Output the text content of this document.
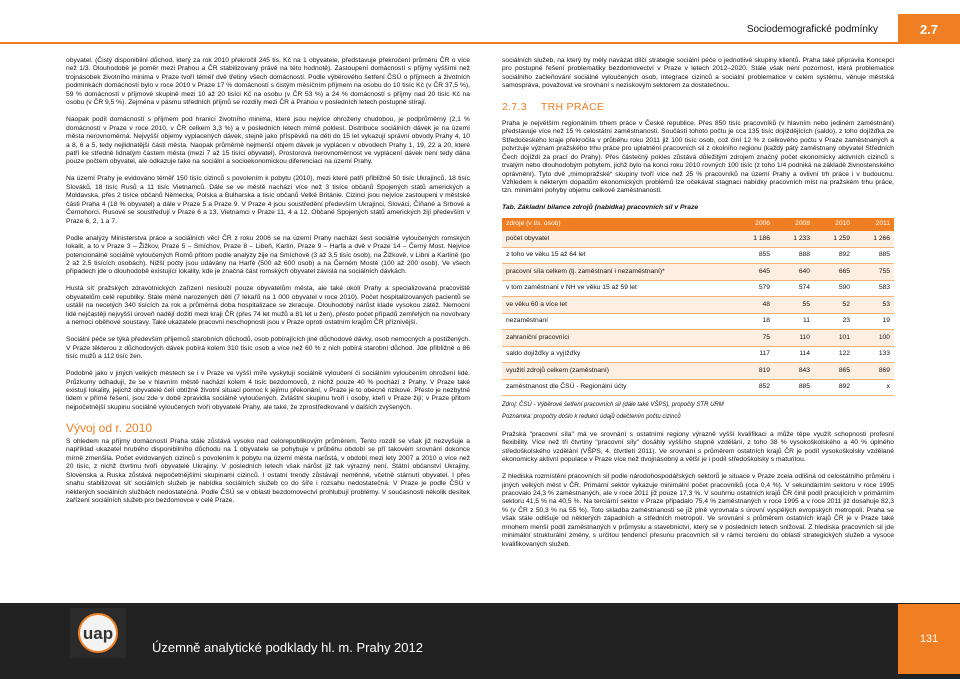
Sociodemografické podmínky	2.7

obyvatel. (Čistý disponibilní důchod, který za rok 2010 překročil 245 tis. Kč na 1 obyvatele, představuje překročení průměru ČR o více než 1/3. Dlouhodobě je poměr mezi Prahou a ČR stabilizovaný právě na této hodnotě). Zastoupení domácností s příjmy vyššími než trojnásobek životního minima v Praze tvoří téměř dvě třetiny všech domácností. Podle výběrového šetření ČSÚ o příjmech a životních podmínkách domácností bylo v roce 2010 v Praze 17 % domácností s čistým měsíčním příjmem na osobu do 10 tisíc Kč (v ČR 37,5 %), 59 % domácností v příjmové skupině mezi 10 až 20 tisíci Kč na osobu (v ČR 53 %) a 24 % domácností s příjmy nad 20 tisíc Kč na osobu (v ČR 9,5 %). Zejména v pásmu středních příjmů se rozdíly mezi ČR a Prahou v posledních letech postupně stírají.

Naopak podíl domácností s příjmem pod hranicí životního minima, které jsou nejvíce ohroženy chudobou, je podprůměrný (2,1 % domácností v Praze v roce 2010, v ČR celkem 3,3 %) a v posledních letech mírně poklesl. Distribuce sociálních dávek je na území města nerovnoměrná. Nejvyšší objemy vyplacených dávek, stejně jako příspěvků na děti do 15 let vykazují správní obvody Prahy 4, 10 a 8, 6 a 5, tedy nejlidnatější části města. Naopak průměrně nejmenší objem dávek je vyplácen v obvodech Prahy 1, 19, 22 a 20, které patří ke středně lidnatým částem města (mezi 7 až 15 tisíci obyvatel). Prostorová nerovnoměrnost ve vyplácení dávek není tedy dána pouze počtem obyvatel, ale odkazuje také na sociální a socioekonomickou diferenciaci na území Prahy.

Na území Prahy je evidováno téměř 150 tisíc cizinců s povolením k pobytu (2010), mezi které patří přibližně 50 tisíc Ukrajinců, 18 tisíc Slováků, 18 tisíc Rusů a 11 tisíc Vietnamců. Dále se ve městě nachází více než 3 tisíce občanů Spojených států amerických a Moldavska, přes 2 tisíce občanů Německa, Polska a Bulharska a tisíc občanů Velké Británie. Cizinci jsou nejvíce zastoupeni v městské části Praha 4 (18 % obyvatel) a dále v Praze 5 a Praze 9. V Praze 4 jsou soustředění především Ukrajinci, Slováci, Číňané a Srbové a Černohorci. Rusové se soustřeďují v Praze 6 a 13, Vietnamci v Praze 11, 4 a 12. Občané Spojených států amerických žijí především v Praze 6, 2, 1 a 7.

Podle analýzy Ministerstva práce a sociálních věcí ČR z roku 2006 se na území Prahy nachází šest sociálně vyloučených romských lokalit, a to v Praze 3 – Žižkov, Praze 5 – Smíchov, Praze 8 – Libeň, Karlín, Praze 9 – Harfa a dvě v Praze 14 – Černý Most. Nejvíce potencionálně sociálně vyloučených Romů přitom podle analýzy žije na Smíchově (3 až 3,5 tisíc osob), na Žižkově, v Libni a Karlíně (po 2 až 2,5 tisících osobách). Nižší počty jsou udávány na Harfě (500 až 600 osob) a na Černém Mostě (100 až 200 osob). Ve všech případech jde o dlouhodobě existující lokality, kde je značná část romských obyvatel závislá na sociálních dávkách.

Hustá síť pražských zdravotnických zařízení neslouží pouze obyvatelům města, ale také okolí Prahy a specializovaná pracoviště obyvatelům celé republiky. Stále méně narozených dětí (7 lékařů na 1 000 obyvatel v roce 2010). Počet hospitalizovaných pacientů se ustálil na necelých 340 tisících za rok a průměrná doba hospitalizace se zkracuje. Dlouhodobý nárůst klade vysokou zátěž. Nemocní lidé nejčastěji nejvyšší úroveň nadějí dožití mezi kraji ČR (přes 74 let mužů a 81 let u žen), přesto počet případů zemřelých na novotvary a nemoci oběhové soustavy. Také ukazatele pracovní neschopnosti jsou v Praze oproti ostatním krajům ČR příznivější.

Sociální péče se týká především příjemců starobních důchodů, osob pobírajících jiné důchodové dávky, osob nemocných a postižených. V Praze těkterou z důchodových dávek pobírá kolem 310 tisíc osob a více než 60 % z nich pobírá starobní důchod. Jde přibližně o 86 tisíc mužů a 112 tisíc žen.

Podobně jako v jiných velkých městech se i v Praze ve vyšší míře vyskytují sociálně vyloučení či sociálním vyloučením ohrožení lidé. Průzkumy odhadují, že se v hlavním městě nachází kolem 4 tisíc bezdomovců, z nichž pouze 40 % pochází z Prahy. V Praze také existují lokality, jejichž obyvatelé čelí obtížné životní situaci pomoc k jejímu překonání, v Praze je to obecně rizikové. Přesto je nezbytné lidem v přímé řešení, jsou zde v době zpravidla sociálně vyloučených. Zvláštní skupinu tvoří i osoby, kteří v Praze žijí; v Praze přitom nejpočetnější skupinu sociálně vyloučených tvoří obyvatelé Prahy, ale také, že zprostředkovaně v dalších zvýšených.

Vývoj od r. 2010

S ohledem na příjmy domácností Praha stále zůstává vysoko nad celorepublikovým průměrem. Tento rozdíl se však již nezvyšuje a například ukazatel hrubého disponibilního důchodu na 1 obyvatele se pohybuje v průběhu období se pří takovém srovnání dokonce mírně zmenšila. Počet evidovaných cizinců s povolením k pobytu na území města narůstá, v období mezi lety 2007 a 2010 o více než 20 tisíc, z nichž čtvrtinu tvoří obyvatelé Ukrajiny. V posledních letech však nárůst již tak výrazný není. Státní občanství Ukrajiny, Slovenska a Ruska zůstává nejpočetnějšími skupinami cizinců. I ostatní trendy zůstávají neměnné, včetně stárnutí obyvatel. I přes snahu stabilizovat síť sociálních služeb je nabídka sociálních služeb co do šíře i rozsahu nedostatečná. V Praze je podle ČSÚ v některých sociálních službách nedostatečná. Podle ČSÚ se v oblasti bezdomovectví prohlubují problémy. V současnosti několik desítek zařízení sociálních služeb pro bezdomovce v celé Praze.

sociálních služeb, na který by měly navázat dílčí strategie sociální péče o jednotlivé skupiny klientů. Praha také připravila Koncepci pro postupné řešení problematiky bezdomovectví v Praze v letech 2012–2020. Stále však není pozornost, která problematice sociálního začleňování sociálně vyloučených osob, integrace cizinců a sociální problematice v celém systému, věnuje městská samospráva, považovat ve srovnání s neziskovým sektorem za dostatečnou.

2.7.3 TRH PRÁCE

Praha je největším regionálním trhem práce v České republice. Přes 850 tisíc pracovníků (v hlavním nebo jediném zaměstnání) představuje více než 15 % celostátní zaměstnanosti. Součástí tohoto počtu je cca 135 tisíc dojíždějících (saldo), z toho dojížďka ze Středočeského kraje překročila v průběhu roku 2011 již 100 tisíc osob, což činí 12 % z celkového počtu v Praze zaměstnaných a potvrzuje význam pražského trhu práce pro uplatnění pracovních sil z okolního regionu (každý pátý zaměstnaný obyvatel Středních Čech dojíždí za prací do Prahy). Přes částečný pokles zůstává důležitým zdrojem značný počet ekonomicky aktivních cizinců s trvalým nebo dlouhodobým pobytem, jichž bylo na konci roku 2010 rovných 100 tisíc (z toho 1/4 podniká na základě živnostenského oprávnění). Tyto dvě „mimopražské“ skupiny tvoří více než 25 % pracovníků na území Prahy a ovlivní trh práce i v budoucnu. Vzhledem k některým dopadům ekonomických problémů lze očekávat stagnaci nabídky pracovních míst na pražském trhu práce, tzn. minimální pohyby objemu celkové zaměstnanosti.

Tab. Základní bilance zdrojů (nabídka) pracovních sil v Praze
zdroje (v tis. osob)	2006	2008	2010	2011
počet obyvatel	1 186	1 233	1 259	1 266
z toho ve věku 15 až 64 let	855	888	892	885
pracovní síla celkem (tj. zaměstnaní i nezaměstnaní)*	645	640	665	755
v tom zaměstnaní v NH ve věku 15 až 59 let	579	574	590	583
ve věku 60 a více let	48	55	52	53
nezaměstnaní	18	11	23	19
zahraniční pracovníci	75	110	101	100
saldo dojížďky a vyjížďky	117	114	122	133
využití zdrojů celkem (zaměstnaní)	819	843	865	869
zaměstnanost dle ČSÚ - Regionální účty	852	885	892	x
Zdroj: ČSÚ - Výběrové šetření pracovních sil (dále také VŠPS), propočty STR URM
Poznámka: propočty došlo k redukci údajů odečtením počtu cizinců

Pražská "pracovní síla" má ve srovnání s ostatními regiony výrazně vyšší kvalifikaci a může těpe využít schopnosti profesní flexibility. Více než tři čtvrtiny "pracovní síly" dosáhly vyššího stupně vzdělání, z toho 38 % vysokoškolského a 40 % úplného středoškolského vzdělání (VŠPS, 4. čtvrtletí 2011). Ve srovnání s průměrem ostatních krajů ČR je podíl vysokoškolsky vzdělané ekonomicky aktivní populace v Praze více než dvojnásobný a větší je i podíl středoškolsky s maturitou.

Z hlediska rozmístění pracovních sil podle národohospodářských sektorů je situace v Praze zcela odlišná od celostátního průměru i jiných velkých měst v ČR. Primární sektor vykazuje minimální počet pracovníků (cca 0,4 %). V sekundárním sektoru v roce 1995 pracovalo 24,3 % zaměstnaných, ale v roce 2011 již pouze 17,3 %. V souhrnu ostatních krajů ČR činil podíl pracujících v primárním sektoru 41,5 % na 40,5 %. Na terciární sektor v Praze připadalo 75,4 % zaměstnaných v roce 1995 a v roce 2011 již dosahuje 82,3 % (v ČR z 50,3 % na 55 %). Toto skladba zaměstnanosti se již plně vyrovnala s úrovní vyspělých evropských metropolí. Praha se však stále odlišuje od některých západních a středních metropolí. Ve srovnání s průměrem ostatních krajů ČR je v Praze také mnohem menší podíl zaměstnaných v průmyslu a stavebnictví, který se v posledních letech snižoval. Z hlediska pracovních sil jde minimální strukturální změny, s určitou tendencí přesunu pracovních sil v rámci terciéru do oblasti strategických služeb a vysoce kvalifikovaných služeb.

uap
Územně analytické podklady hl. m. Prahy 2012
131
